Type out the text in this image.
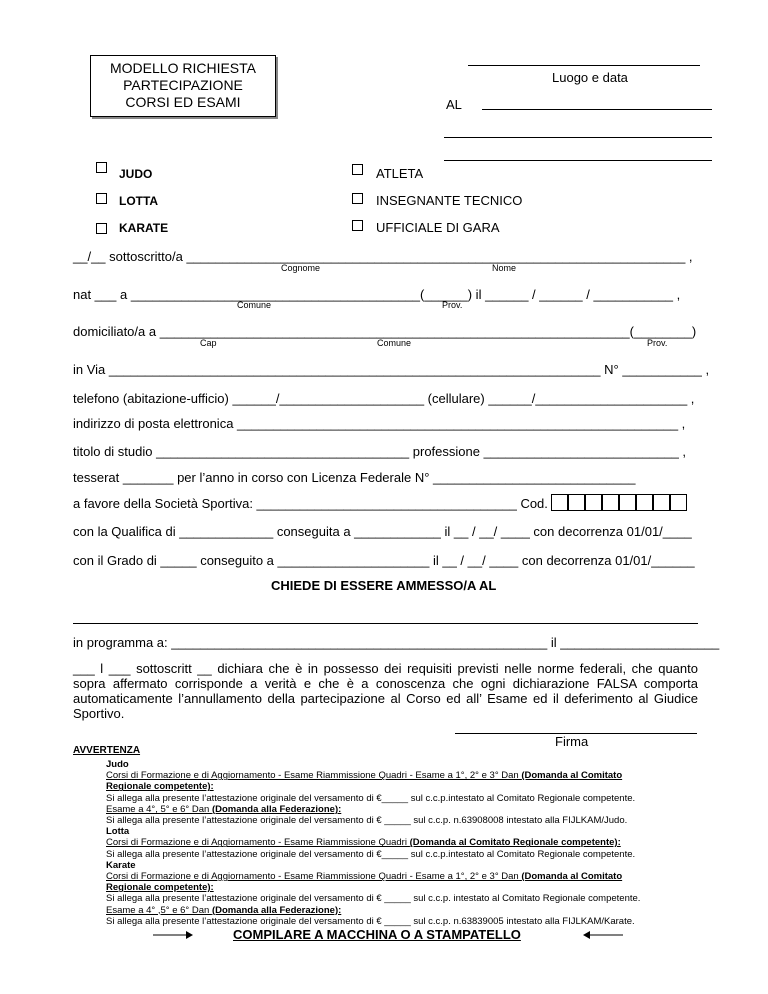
MODELLO RICHIESTA
PARTECIPAZIONE
CORSI ED ESAMI
Luogo e data
AL
JUDO
LOTTA
KARATE
ATLETA
INSEGNANTE TECNICO
UFFICIALE DI GARA
__/__ sottoscritto/a _____________________________________________________________________ ,
Cognome	Nome
nat ___ a ________________________________________(______) il ______ / ______ / ___________ ,
Comune	Prov.
domiciliato/a a _________________________________________________________________(________)
Cap	Comune	Prov.
in Via ____________________________________________________________________ N° ___________ ,
telefono (abitazione-ufficio) ______/____________________ (cellulare) ______/_____________________ ,
indirizzo di posta elettronica _____________________________________________________________ ,
titolo di studio ___________________________________ professione ___________________________ ,
tesserat _______ per l’anno in corso con Licenza Federale N° ____________________________
a favore della Società Sportiva: ____________________________________ Cod.
con la Qualifica di _____________ conseguita a ____________ il __ / __/ ____ con decorrenza 01/01/____
con il Grado di _____ conseguito a _____________________ il __ / __/ ____ con decorrenza 01/01/______
CHIEDE DI ESSERE AMMESSO/A AL
in programma a: ____________________________________________________ il ______________________
___ l ___ sottoscritt __ dichiara che è in possesso dei requisiti previsti nelle norme federali, che quanto sopra affermato corrisponde a verità e che è a conoscenza che ogni dichiarazione FALSA comporta automaticamente l’annullamento della partecipazione al Corso ed all’ Esame ed il deferimento al Giudice Sportivo.
Firma
AVVERTENZA
Judo
Corsi di Formazione e di Aggiornamento - Esame Riammissione Quadri - Esame a 1°, 2° e 3° Dan (Domanda al Comitato
Regionale competente):
Si allega alla presente l’attestazione originale del versamento di €_____ sul c.c.p.intestato al Comitato Regionale competente.
Esame a 4°, 5° e 6° Dan (Domanda alla Federazione):
Si allega alla presente l’attestazione originale del versamento di € _____ sul c.c.p. n.63908008 intestato alla FIJLKAM/Judo.
Lotta
Corsi di Formazione e di Aggiornamento - Esame Riammissione Quadri (Domanda al Comitato Regionale competente):
Si allega alla presente l’attestazione originale del versamento di €_____ sul c.c.p.intestato al Comitato Regionale competente.
Karate
Corsi di Formazione e di Aggiornamento - Esame Riammissione Quadri - Esame a 1°, 2° e 3° Dan (Domanda al Comitato
Regionale competente):
Si allega alla presente l’attestazione originale del versamento di € _____ sul c.c.p. intestato al Comitato Regionale competente.
Esame a 4° ,5° e 6° Dan (Domanda alla Federazione):
Si allega alla presente l’attestazione originale del versamento di € _____ sul c.c.p. n.63839005 intestato alla FIJLKAM/Karate.
COMPILARE A MACCHINA O A STAMPATELLO
